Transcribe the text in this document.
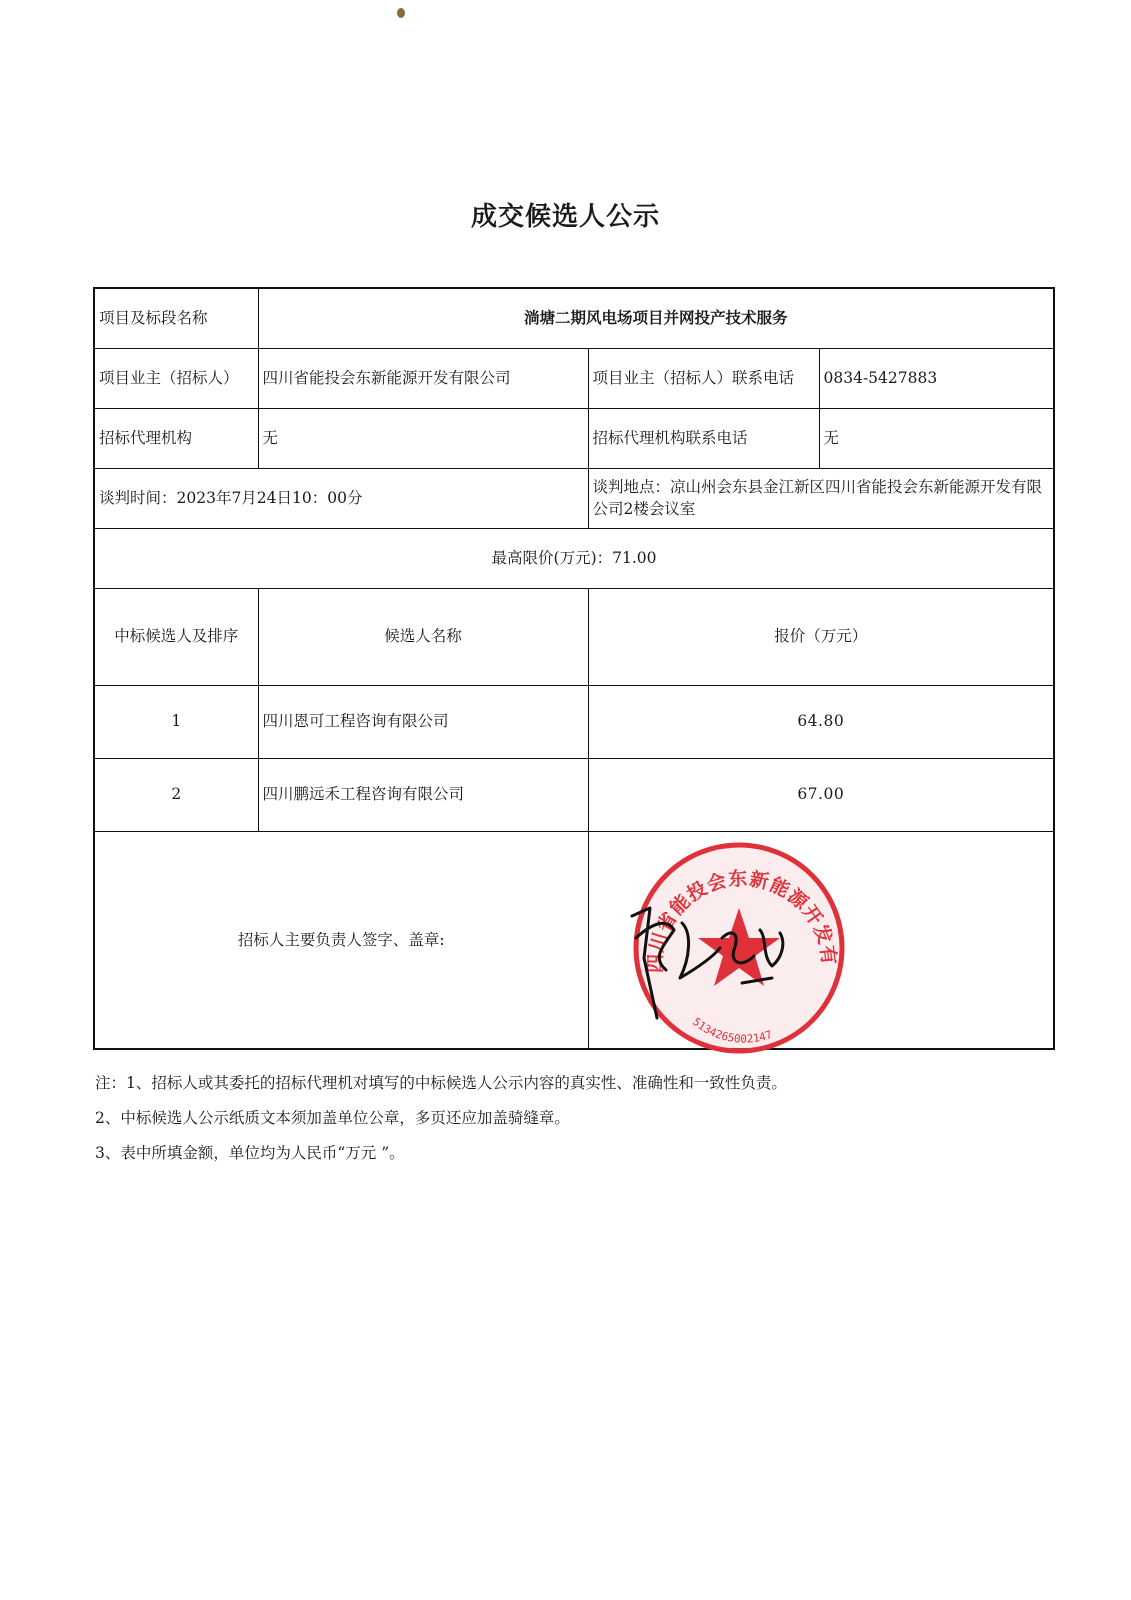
成交候选人公示
项目及标段名称	淌塘二期风电场项目并网投产技术服务		
项目业主（招标人）	四川省能投会东新能源开发有限公司	项目业主（招标人）联系电话	0834-5427883
招标代理机构	无	招标代理机构联系电话	无
谈判时间：2023年7月24日10：00分		谈判地点：凉山州会东县金江新区四川省能投会东新能源开发有限公司2楼会议室	
最高限价(万元)：71.00			
中标候选人及排序	候选人名称	报价（万元）	
1	四川恩可工程咨询有限公司	64.80	
2	四川鹏远禾工程咨询有限公司	67.00	
招标人主要负责人签字、盖章:			
四川省能投会东新能源开发有
5134265002147

注：1、招标人或其委托的招标代理机对填写的中标候选人公示内容的真实性、准确性和一致性负责。

2、中标候选人公示纸质文本须加盖单位公章，多页还应加盖骑缝章。

3、表中所填金额，单位均为人民币“万元 ”。
